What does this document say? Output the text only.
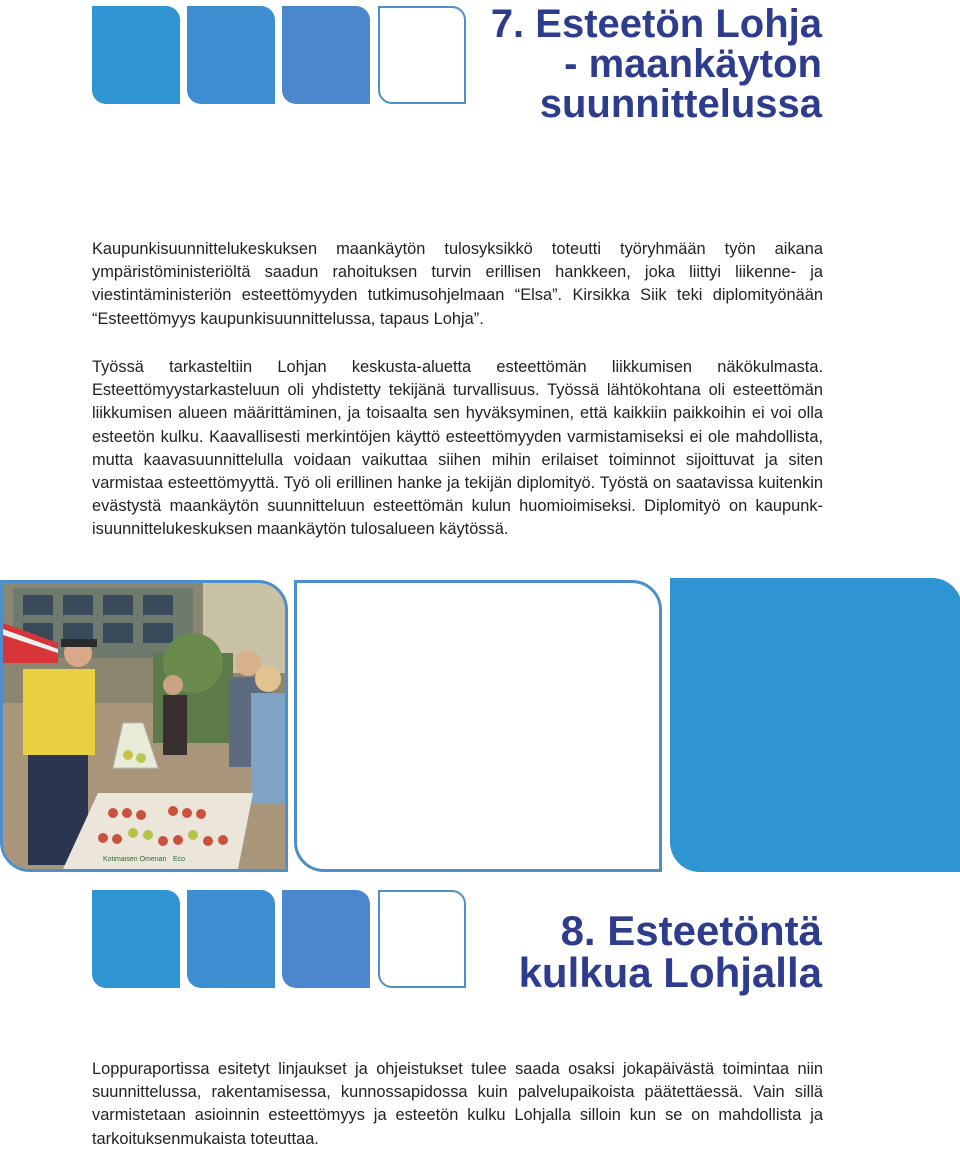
7. Esteetön Lohja
- maankäyton
suunnittelussa

Kaupunkisuunnittelukeskuksen maankäytön tulosyksikkö toteutti työryhmään työn aikana ympäristöministeriöltä saadun rahoituksen turvin erillisen hankkeen, joka liittyi liikenne- ja viestintäministeriön esteettömyyden tutkimusohjelmaan “Elsa”. Kirsikka Siik teki diplomityönään “Esteettömyys kaupunkisuunnittelussa, tapaus Lohja”.

Työssä tarkasteltiin Lohjan keskusta-aluetta esteettömän liikkumisen näkökulmasta. Esteettömyystarkasteluun oli yhdistetty tekijänä turvallisuus. Työssä lähtökohtana oli esteettömän liikkumisen alueen määrittäminen, ja toisaalta sen hyväksyminen, että kaikkiin paikkoihin ei voi olla esteetön kulku. Kaavallisesti merkintöjen käyttö esteettömyyden varmistamiseksi ei ole mahdollista, mutta kaavasuunnittelulla voidaan vaikuttaa siihen mihin erilaiset toiminnot sijoittuvat ja siten varmistaa esteettömyyttä. Työ oli erillinen hanke ja tekijän diplomityö. Työstä on saatavissa kuitenkin evästystä maankäytön suunnitteluun esteettömän kulun huomioimiseksi. Diplomityö on kaupunkisuunnittelukeskuksen maankäytön tulosalueen käytössä.

Kotimaisen Omenan Eco
8. Esteetöntä
kulkua Lohjalla

Loppuraportissa esitetyt linjaukset ja ohjeistukset tulee saada osaksi jokapäivästä toimintaa niin suunnittelussa, rakentamisessa, kunnossapidossa kuin palvelupaikoista päätettäessä. Vain sillä varmistetaan asioinnin esteettömyys ja esteetön kulku Lohjalla silloin kun se on mahdollista ja tarkoituksenmukaista toteuttaa.
